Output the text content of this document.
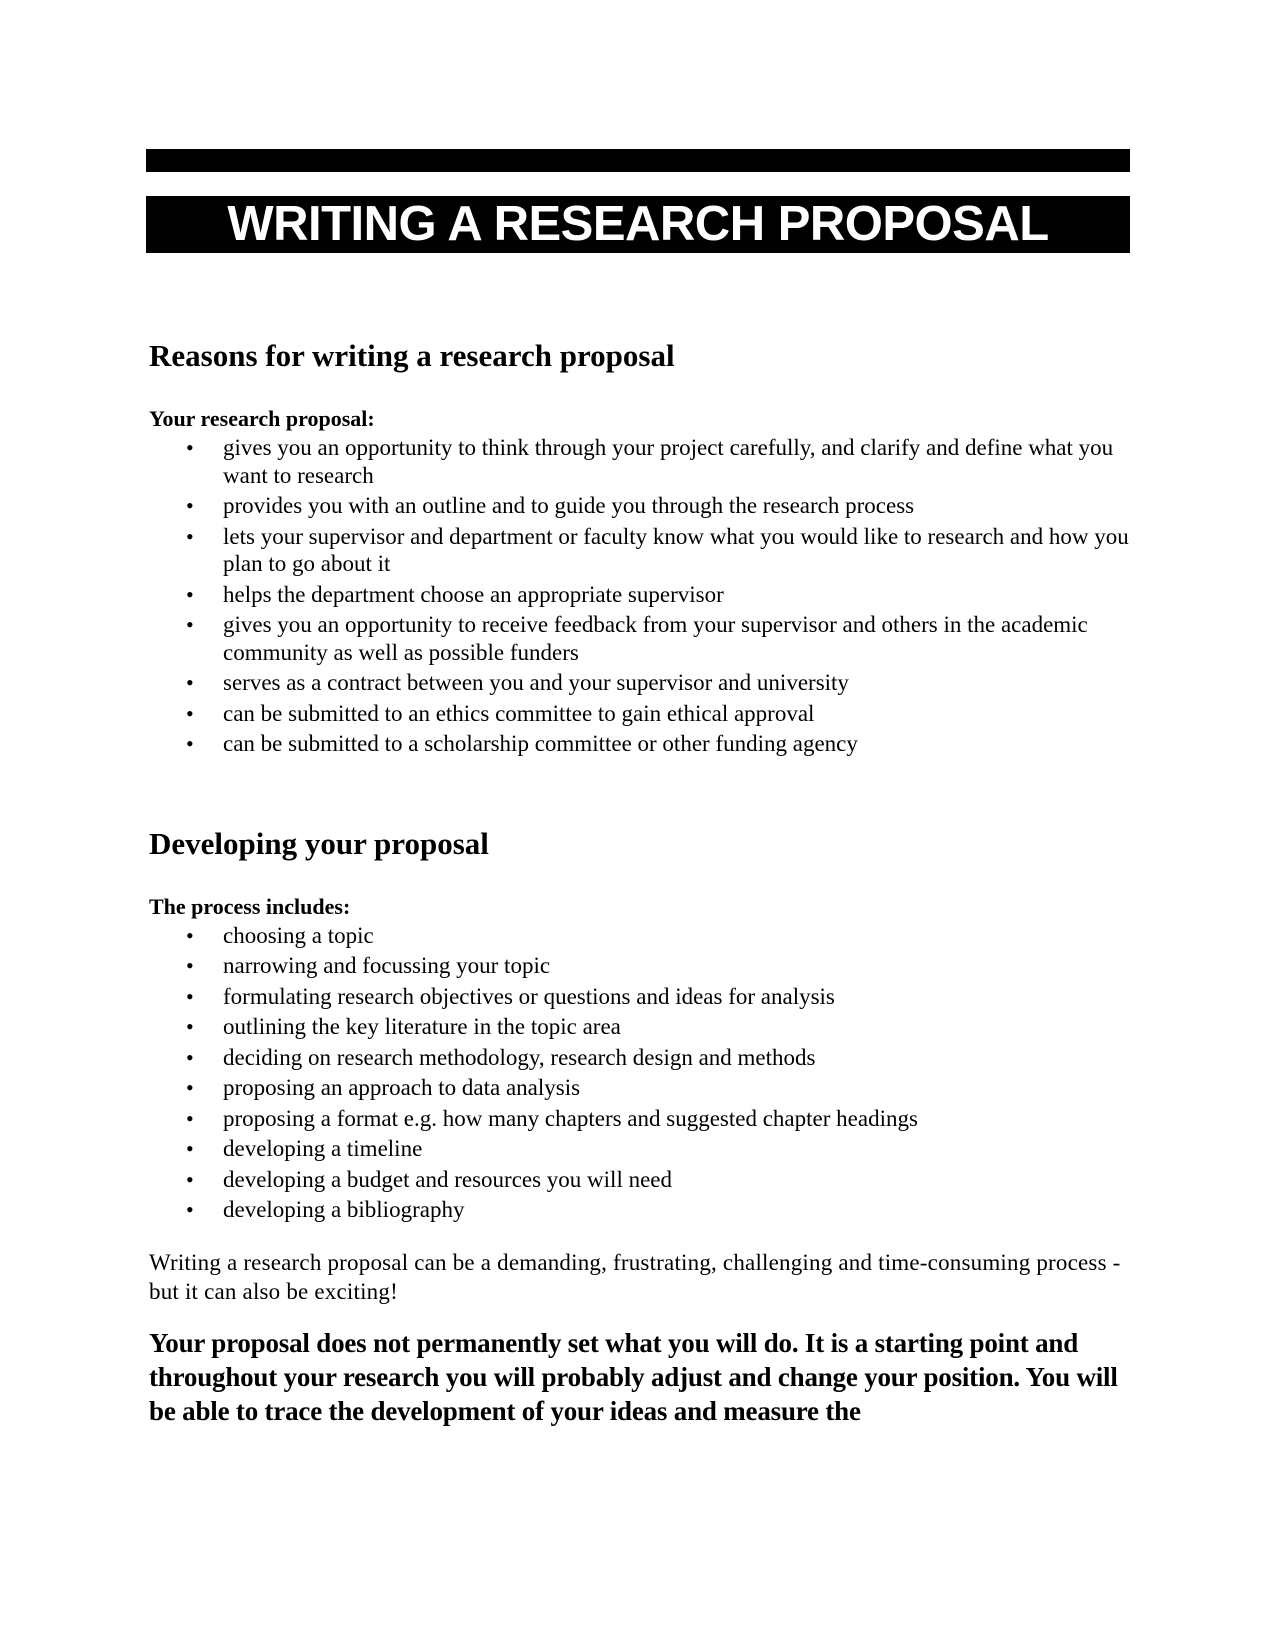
WRITING A RESEARCH PROPOSAL
Reasons for writing a research proposal
Your research proposal:
• gives you an opportunity to think through your project carefully, and clarify and define what you want to research
• provides you with an outline and to guide you through the research process
• lets your supervisor and department or faculty know what you would like to research and how you plan to go about it
• helps the department choose an appropriate supervisor
• gives you an opportunity to receive feedback from your supervisor and others in the academic community as well as possible funders
• serves as a contract between you and your supervisor and university
• can be submitted to an ethics committee to gain ethical approval
• can be submitted to a scholarship committee or other funding agency
Developing your proposal
The process includes:
• choosing a topic
• narrowing and focussing your topic
• formulating research objectives or questions and ideas for analysis
• outlining the key literature in the topic area
• deciding on research methodology, research design and methods
• proposing an approach to data analysis
• proposing a format e.g. how many chapters and suggested chapter headings
• developing a timeline
• developing a budget and resources you will need
• developing a bibliography

Writing a research proposal can be a demanding, frustrating, challenging and time-consuming process - but it can also be exciting!

Your proposal does not permanently set what you will do. It is a starting point and throughout your research you will probably adjust and change your position. You will be able to trace the development of your ideas and measure the
